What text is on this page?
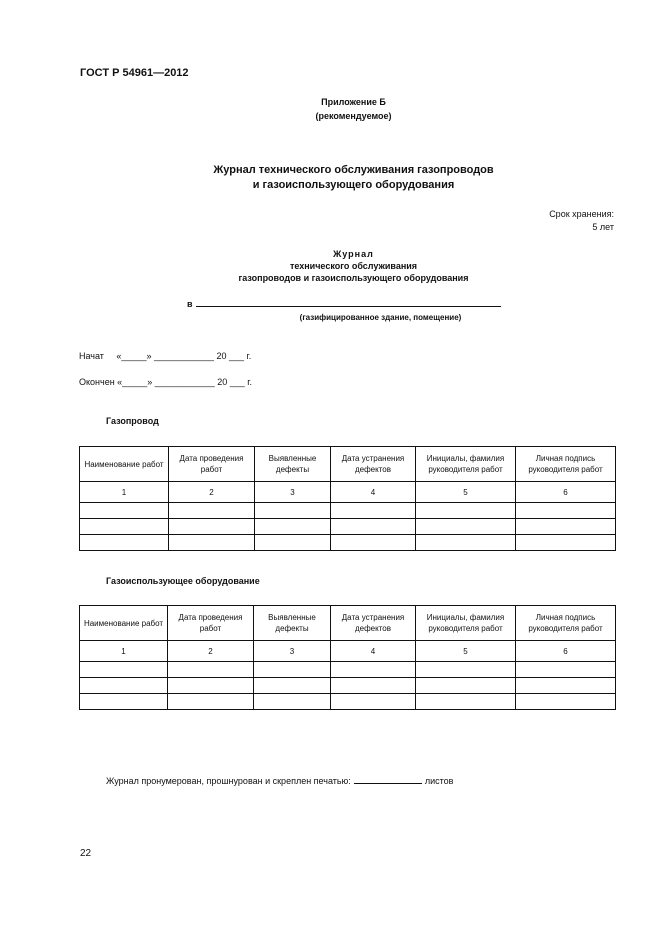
ГОСТ Р 54961—2012
Приложение Б
(рекомендуемое)
Журнал технического обслуживания газопроводов
и газоиспользующего оборудования
Срок хранения:
5 лет
Журнал
технического обслуживания
газопроводов и газоиспользующего оборудования
в
(газифицированное здание, помещение)
Начат     «_____» ____________ 20 ___ г.
Окончен «_____» ____________ 20 ___ г.
Газопровод
Наименование работ	Дата проведения работ	Выявленные дефекты	Дата устранения дефектов	Инициалы, фамилия руководителя работ	Личная подпись руководителя работ
1	2	3	4	5	6

Газоиспользующее оборудование
Наименование работ	Дата проведения работ	Выявленные дефекты	Дата устранения дефектов	Инициалы, фамилия руководителя работ	Личная подпись руководителя работ
1	2	3	4	5	6

Журнал пронумерован, прошнурован и скреплен печатью:	листов
22
